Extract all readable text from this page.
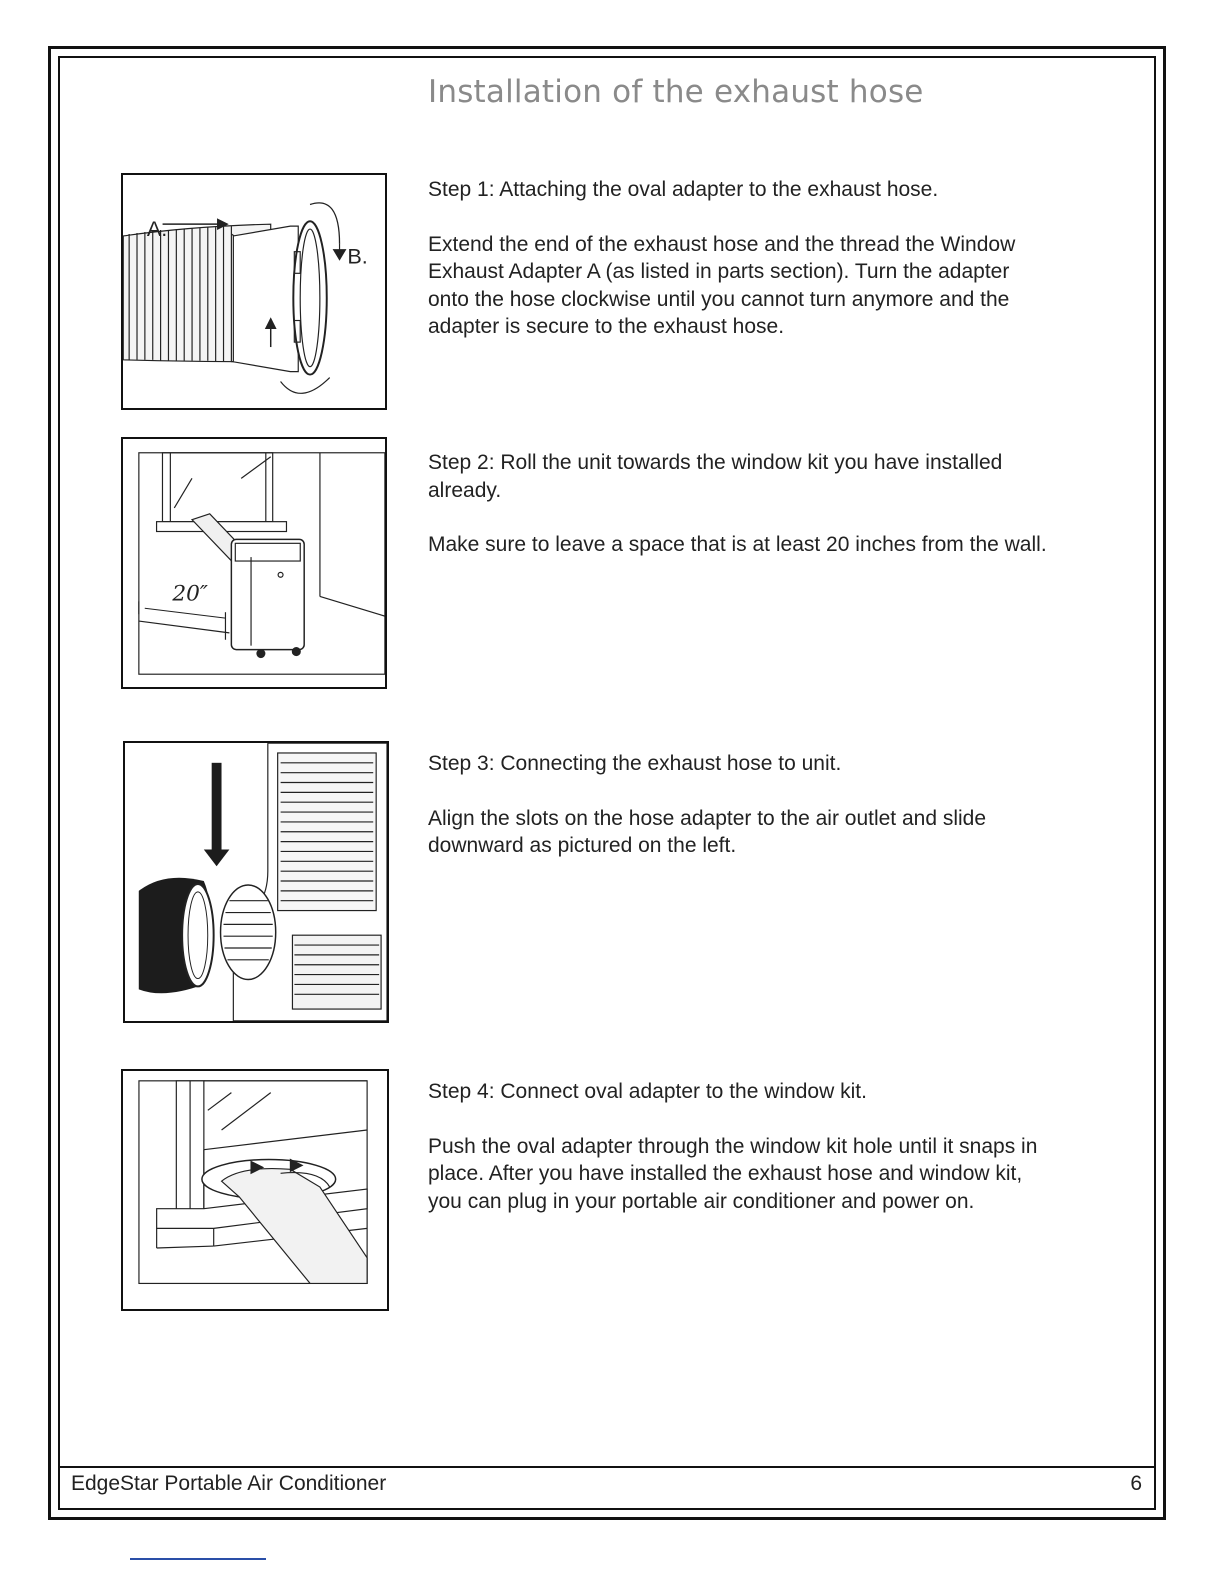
Installation of the exhaust hose
A.
B.
20″

Step 1: Attaching the oval adapter to the exhaust hose.

Extend the end of the exhaust hose and the thread the Window
Exhaust Adapter A (as listed in parts section). Turn the adapter
onto the hose clockwise until you cannot turn anymore and the
adapter is secure to the exhaust hose.

Step 2: Roll the unit towards the window kit you have installed
already.

Make sure to leave a space that is at least 20 inches from the wall.

Step 3: Connecting the exhaust hose to unit.

Align the slots on the hose adapter to the air outlet and slide
downward as pictured on the left.

Step 4: Connect oval adapter to the window kit.

Push the oval adapter through the window kit hole until it snaps in
place. After you have installed the exhaust hose and window kit,
you can plug in your portable air conditioner and power on.

EdgeStar Portable Air Conditioner	6
